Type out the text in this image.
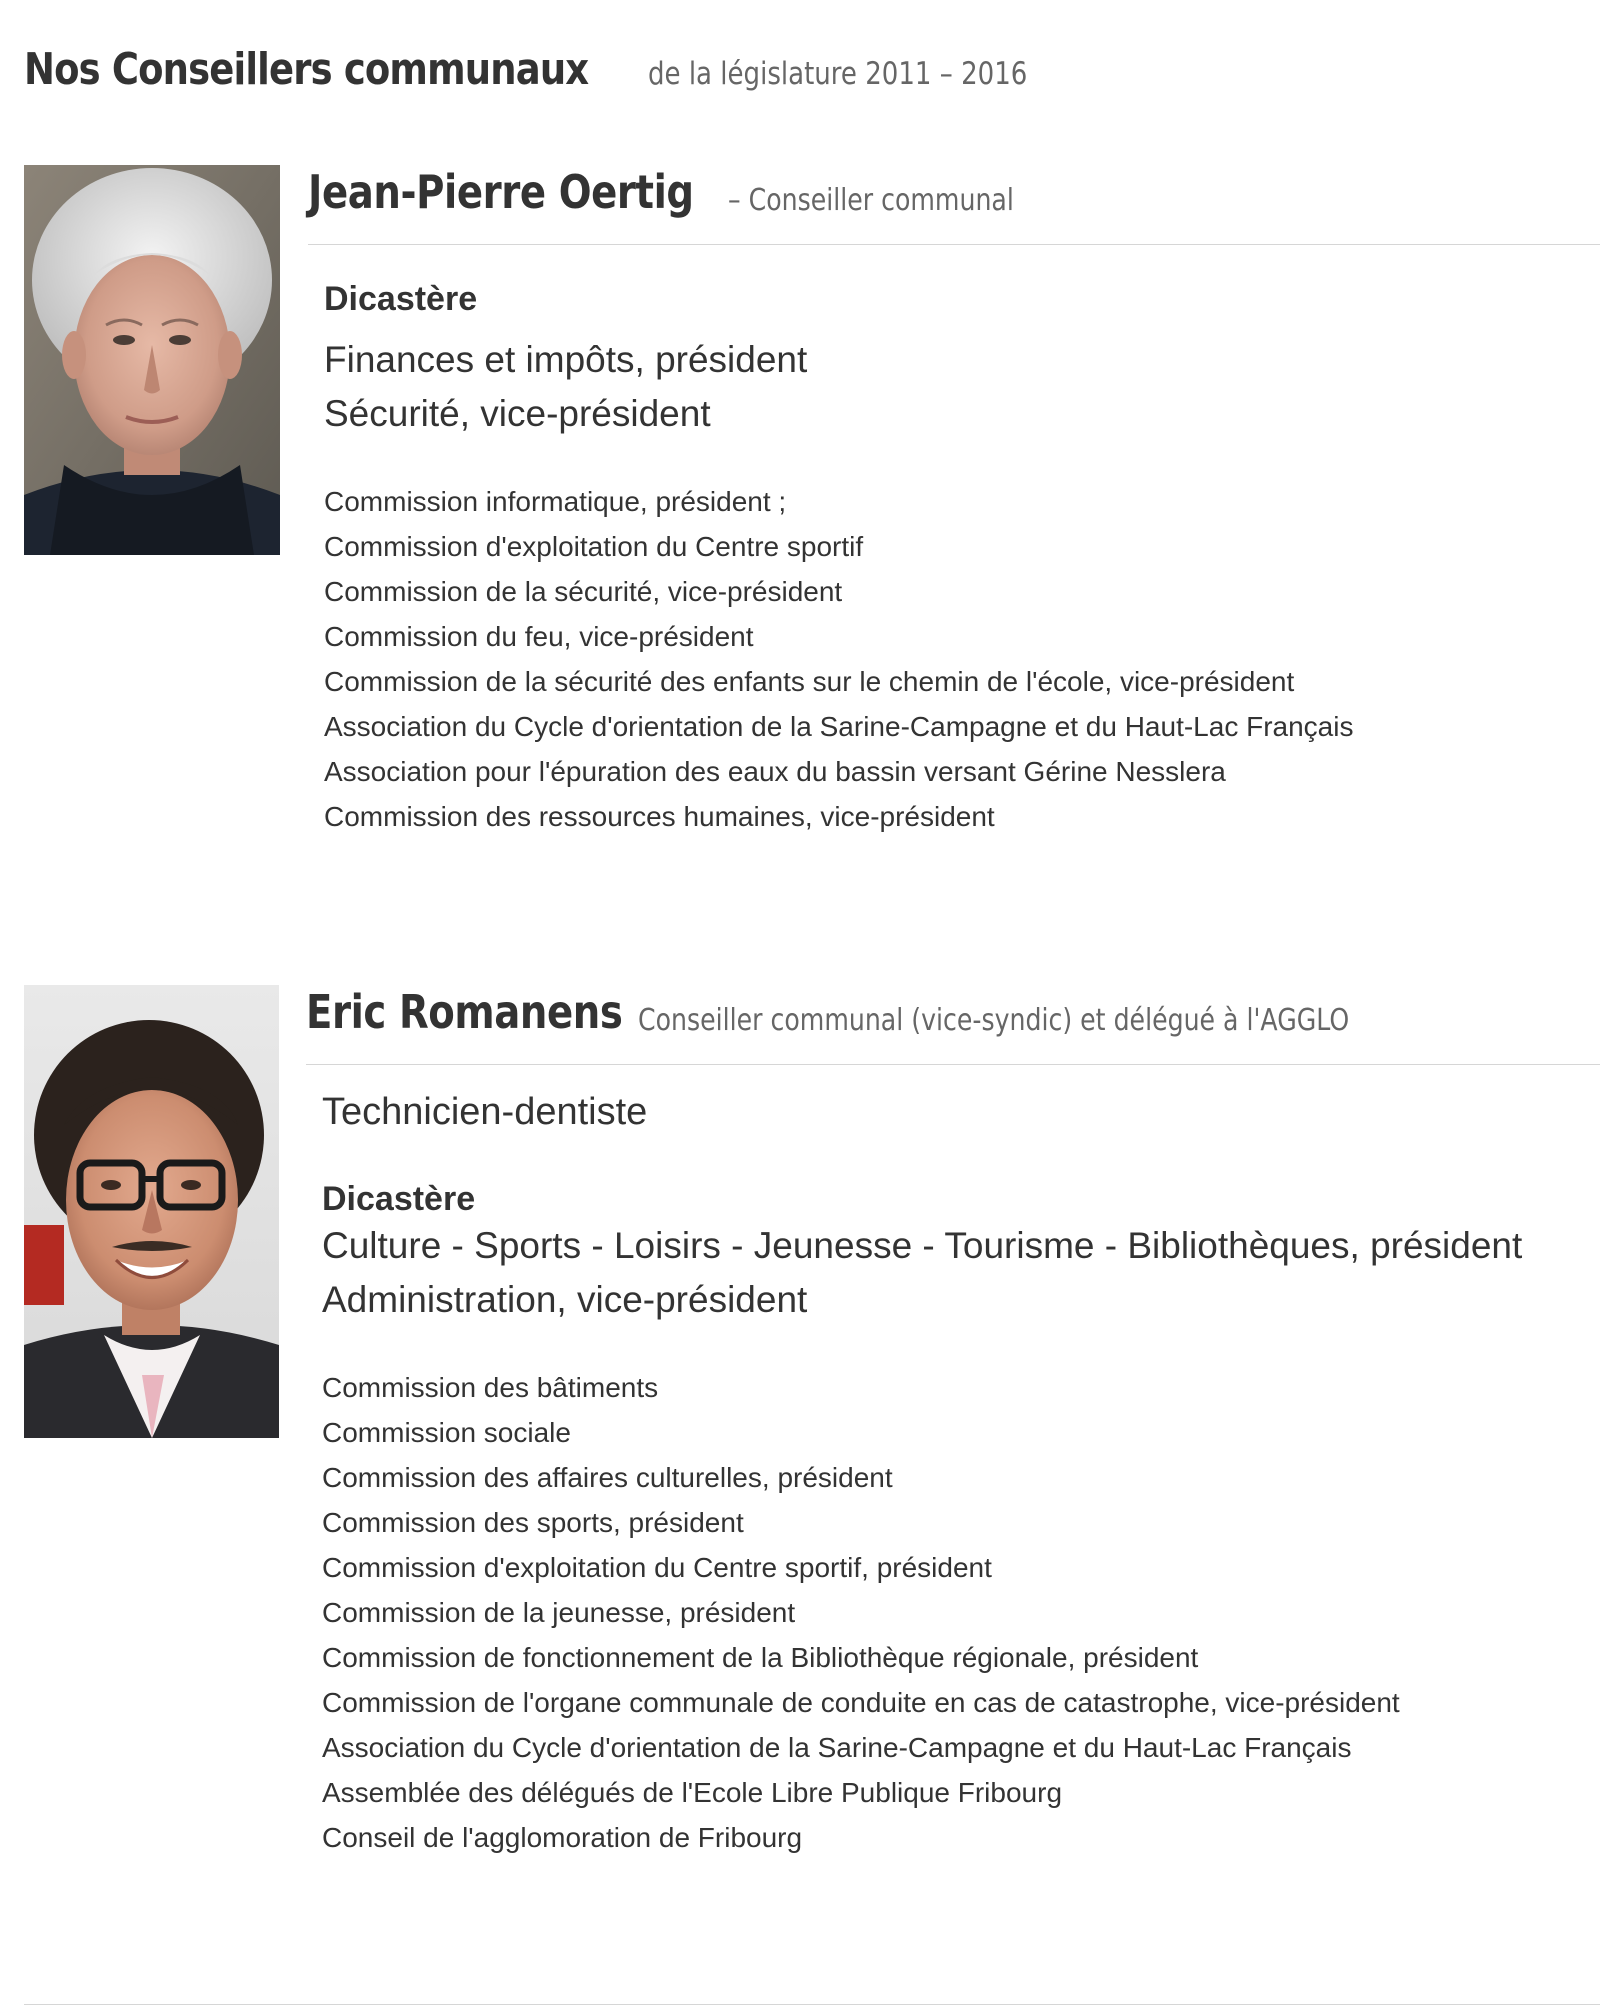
Nos Conseillers communaux de la législature 2011 – 2016
Jean-Pierre Oertig – Conseiller communal

Dicastère

Finances et impôts, président
Sécurité, vice-président
Commission informatique, président ;
Commission d'exploitation du Centre sportif
Commission de la sécurité, vice-président
Commission du feu, vice-président
Commission de la sécurité des enfants sur le chemin de l'école, vice-président
Association du Cycle d'orientation de la Sarine-Campagne et du Haut-Lac Français
Association pour l'épuration des eaux du bassin versant Gérine Nesslera
Commission des ressources humaines, vice-président
Eric Romanens Conseiller communal (vice-syndic) et délégué à l'AGGLO

Technicien-dentiste

Dicastère

Culture - Sports - Loisirs - Jeunesse - Tourisme - Bibliothèques, président
Administration, vice-président
Commission des bâtiments
Commission sociale
Commission des affaires culturelles, président
Commission des sports, président
Commission d'exploitation du Centre sportif, président
Commission de la jeunesse, président
Commission de fonctionnement de la Bibliothèque régionale, président
Commission de l'organe communale de conduite en cas de catastrophe, vice-président
Association du Cycle d'orientation de la Sarine-Campagne et du Haut-Lac Français
Assemblée des délégués de l'Ecole Libre Publique Fribourg
Conseil de l'agglomoration de Fribourg
